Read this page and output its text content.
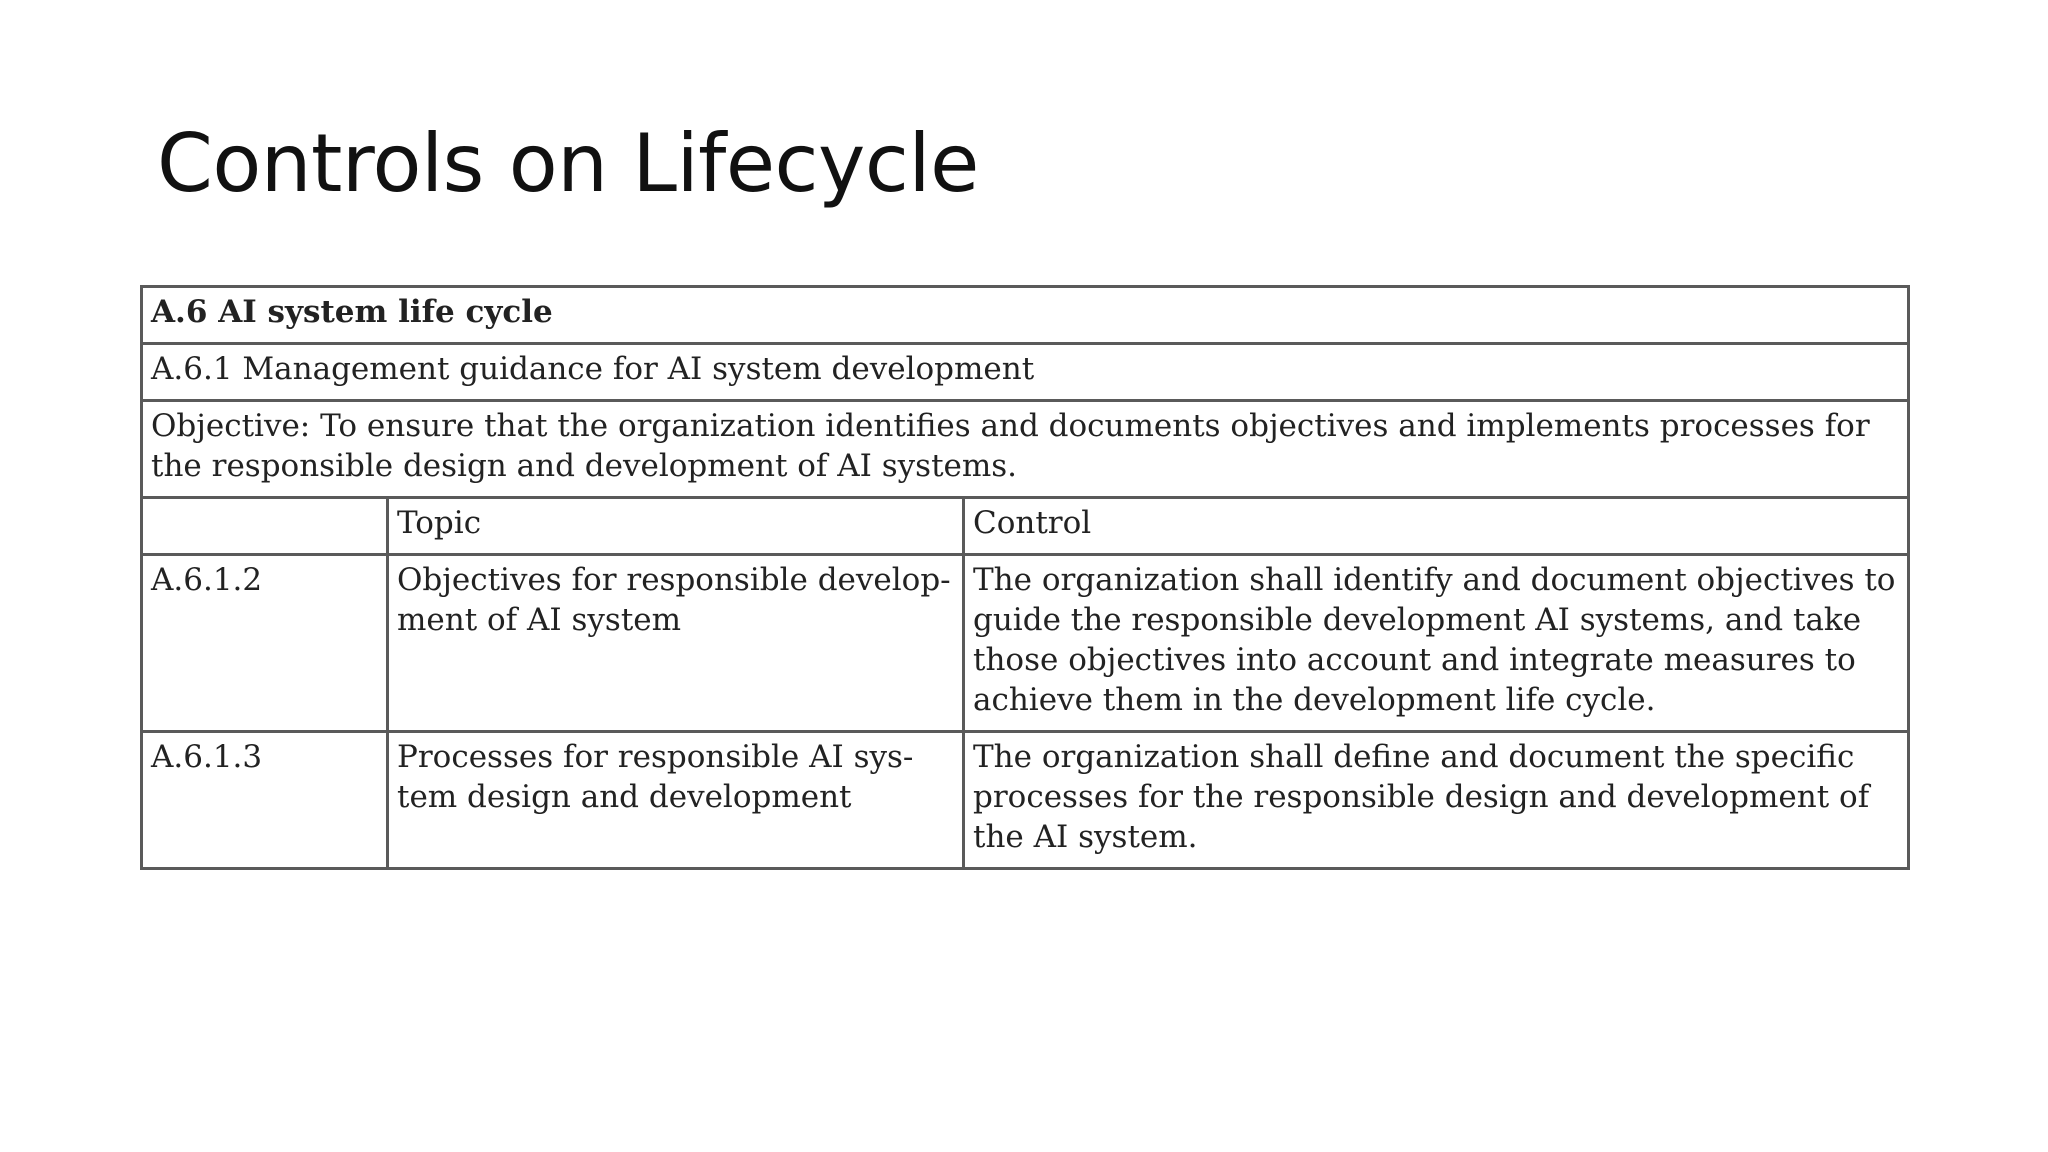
Controls on Lifecycle
A.6 AI system life cycle		
A.6.1 Management guidance for AI system development		
Objective: To ensure that the organization identifies and documents objectives and implements processes for the responsible design and development of AI systems.		
	Topic	Control
A.6.1.2	Objectives for responsible develop-ment of AI system	The organization shall identify and document objectives to guide the responsible development AI systems, and take those objectives into account and integrate measures to achieve them in the development life cycle.
A.6.1.3	Processes for responsible AI sys-tem design and development	The organization shall define and document the specific processes for the responsible design and development of the AI system.
